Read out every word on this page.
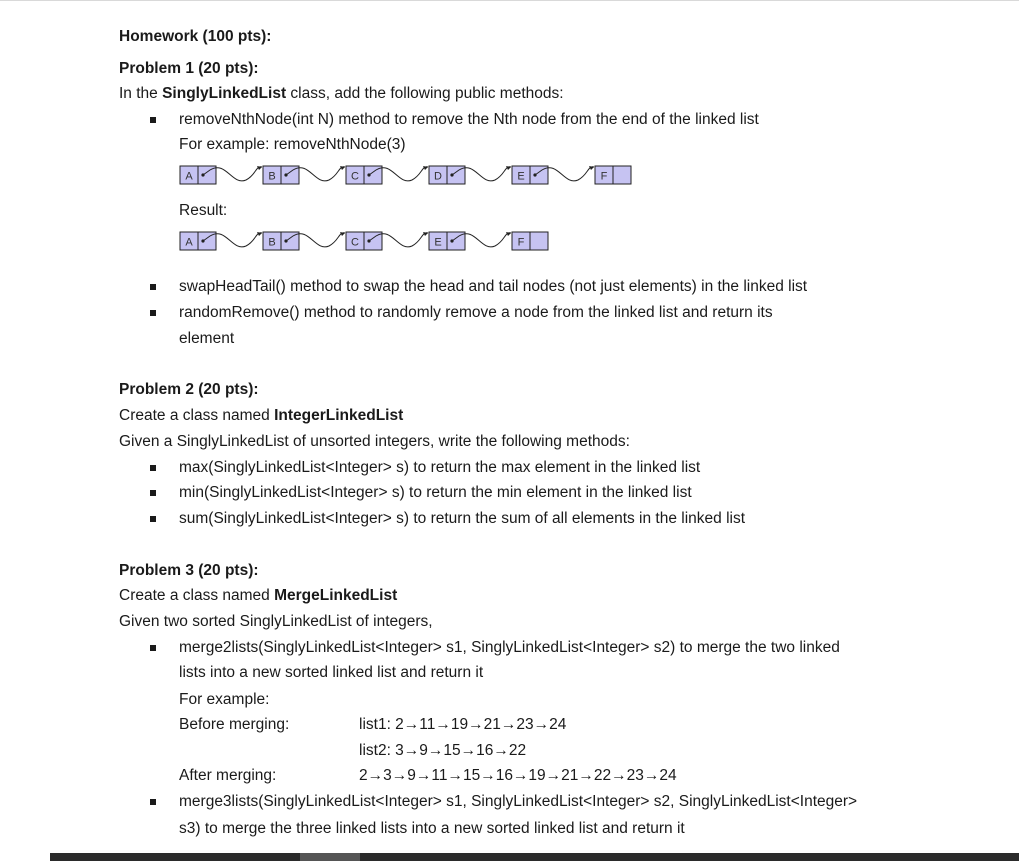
Homework (100 pts):
Problem 1 (20 pts):
In the SinglyLinkedList class, add the following public methods:
removeNthNode(int N) method to remove the Nth node from the end of the linked list
For example: removeNthNode(3)
A	B	C	D	E	F
Result:
A	B	C	E	F
swapHeadTail() method to swap the head and tail nodes (not just elements) in the linked list
randomRemove() method to randomly remove a node from the linked list and return its
element
Problem 2 (20 pts):
Create a class named IntegerLinkedList
Given a SinglyLinkedList of unsorted integers, write the following methods:
max(SinglyLinkedList<Integer> s) to return the max element in the linked list
min(SinglyLinkedList<Integer> s) to return the min element in the linked list
sum(SinglyLinkedList<Integer> s) to return the sum of all elements in the linked list
Problem 3 (20 pts):
Create a class named MergeLinkedList
Given two sorted SinglyLinkedList of integers,
merge2lists(SinglyLinkedList<Integer> s1, SinglyLinkedList<Integer> s2) to merge the two linked
lists into a new sorted linked list and return it
For example:
Before merging:	list1: 2→11→19→21→23→24
list2: 3→9→15→16→22
After merging:	2→3→9→11→15→16→19→21→22→23→24
merge3lists(SinglyLinkedList<Integer> s1, SinglyLinkedList<Integer> s2, SinglyLinkedList<Integer>
s3) to merge the three linked lists into a new sorted linked list and return it
